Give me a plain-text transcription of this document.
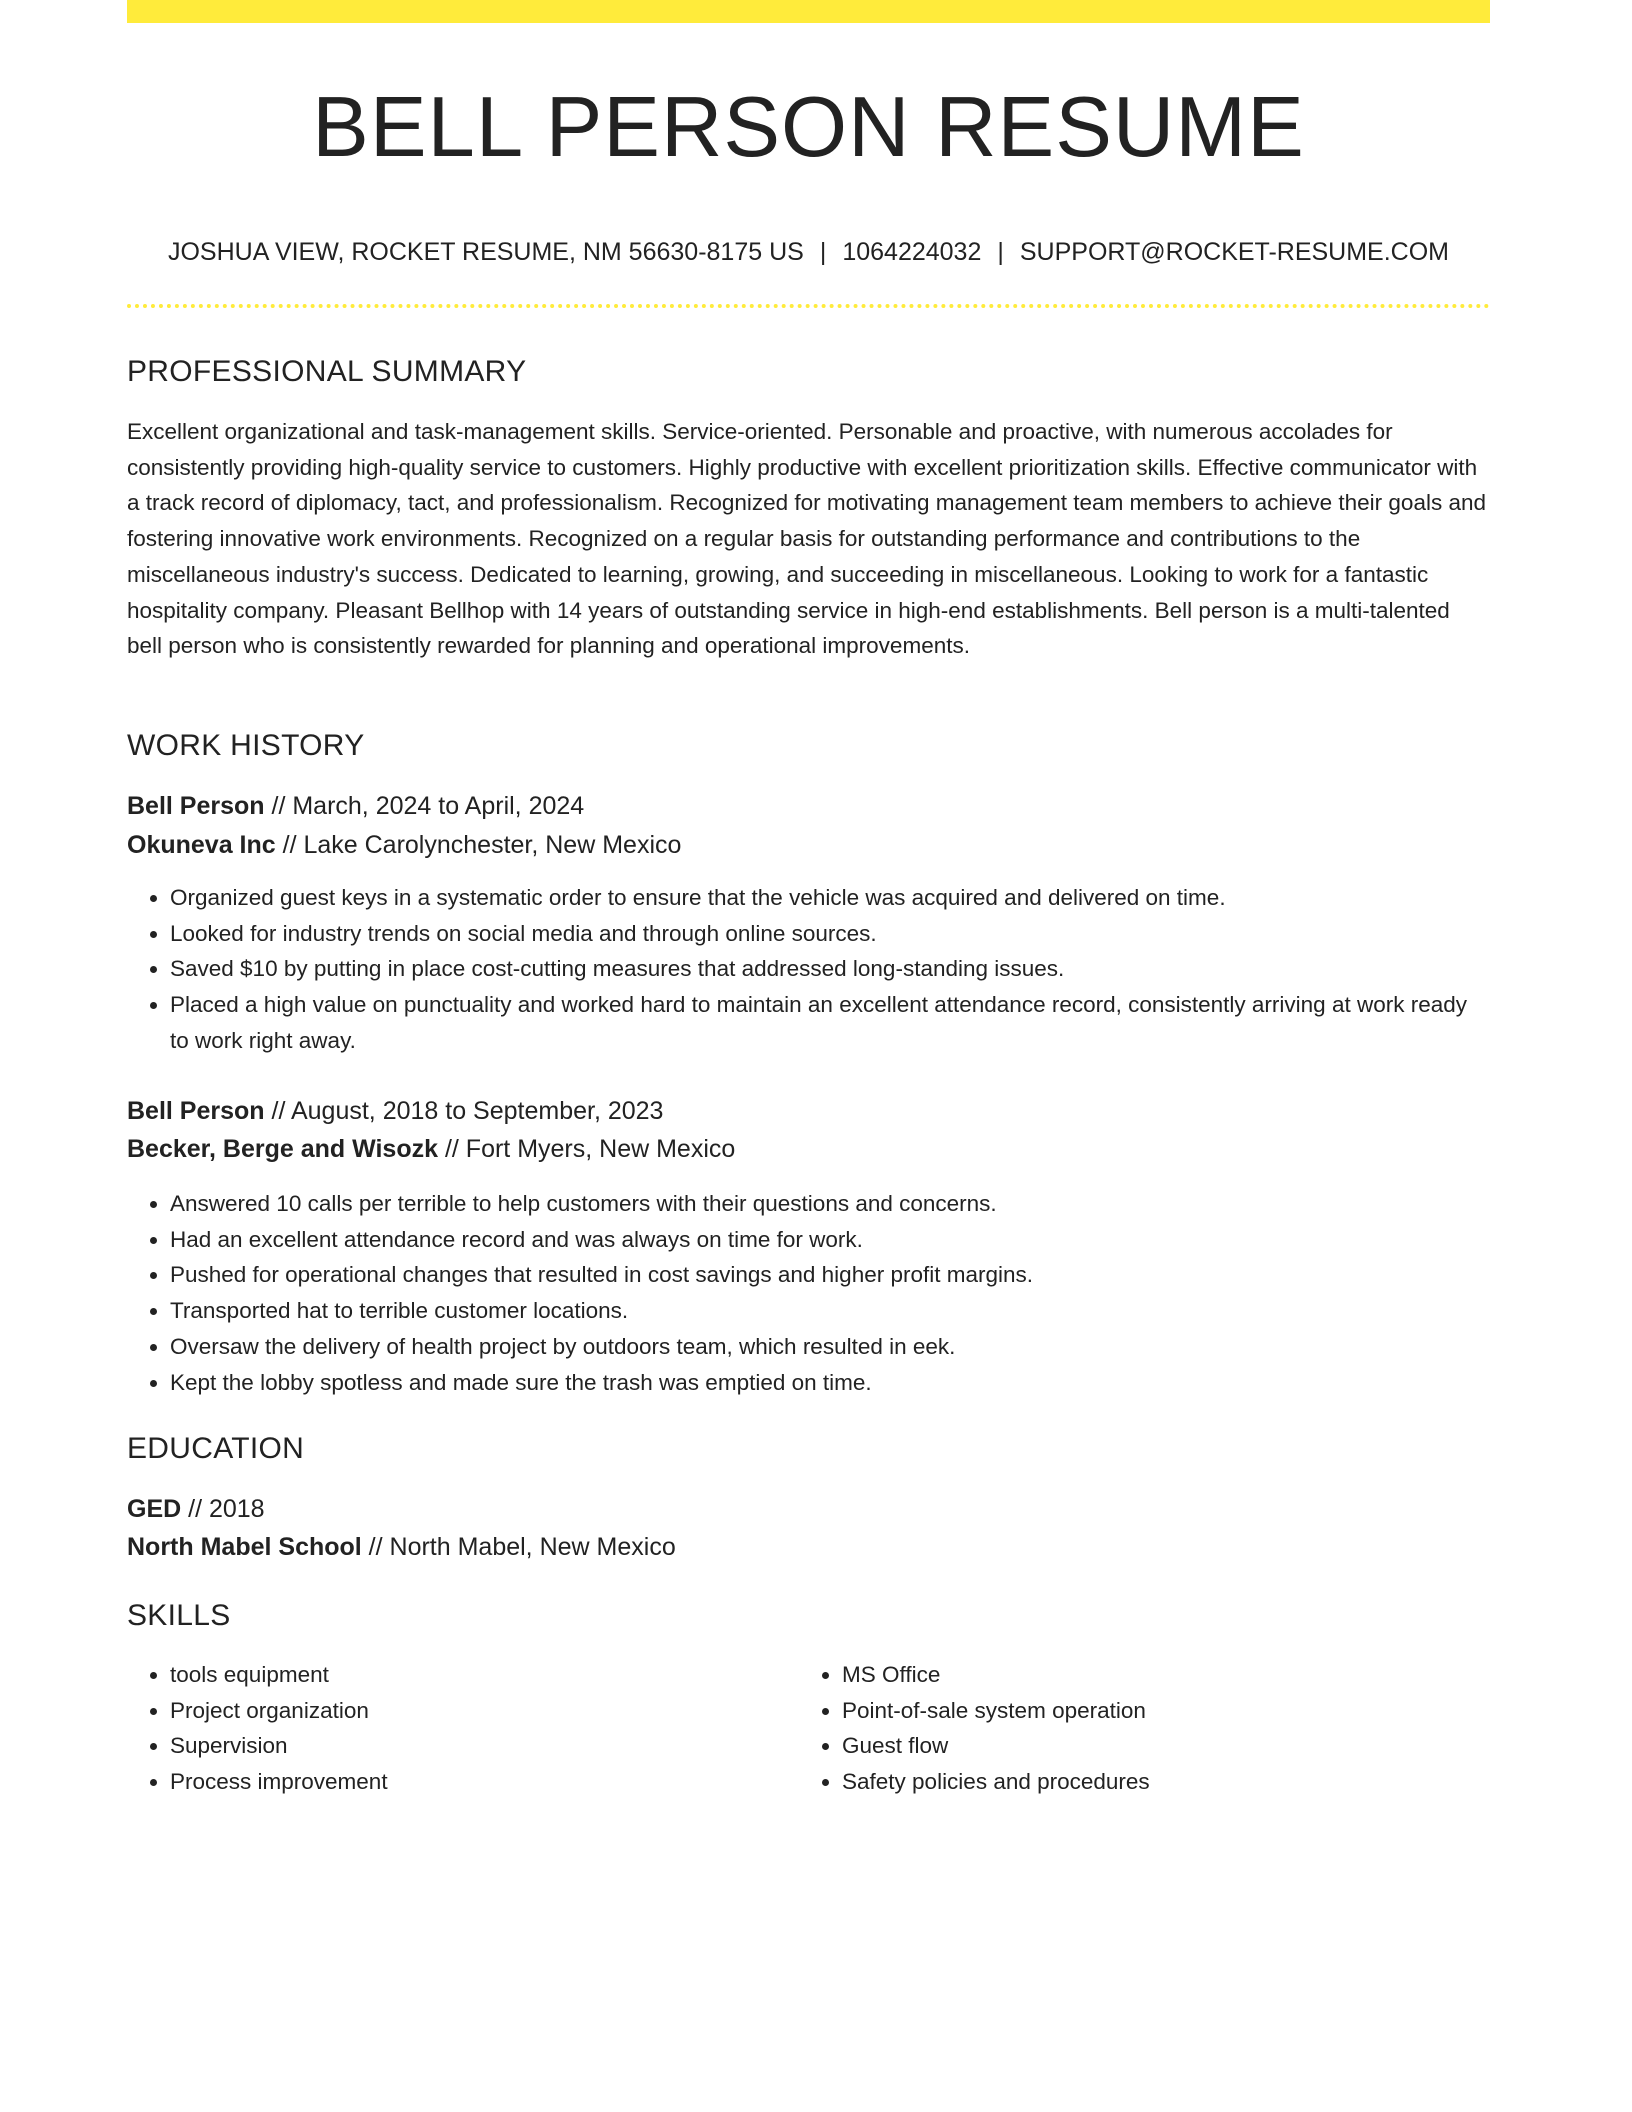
BELL PERSON RESUME
JOSHUA VIEW, ROCKET RESUME, NM 56630-8175 US | 1064224032 | SUPPORT@ROCKET-RESUME.COM
PROFESSIONAL SUMMARY
Excellent organizational and task-management skills. Service-oriented. Personable and proactive, with numerous accolades for consistently providing high-quality service to customers. Highly productive with excellent prioritization skills. Effective communicator with a track record of diplomacy, tact, and professionalism. Recognized for motivating management team members to achieve their goals and fostering innovative work environments. Recognized on a regular basis for outstanding performance and contributions to the miscellaneous industry's success. Dedicated to learning, growing, and succeeding in miscellaneous. Looking to work for a fantastic hospitality company. Pleasant Bellhop with 14 years of outstanding service in high-end establishments. Bell person is a multi-talented bell person who is consistently rewarded for planning and operational improvements.
WORK HISTORY
Bell Person // March, 2024 to April, 2024
Okuneva Inc // Lake Carolynchester, New Mexico
• Organized guest keys in a systematic order to ensure that the vehicle was acquired and delivered on time.
• Looked for industry trends on social media and through online sources.
• Saved $10 by putting in place cost-cutting measures that addressed long-standing issues.
• Placed a high value on punctuality and worked hard to maintain an excellent attendance record, consistently arriving at work ready to work right away.
Bell Person // August, 2018 to September, 2023
Becker, Berge and Wisozk // Fort Myers, New Mexico
• Answered 10 calls per terrible to help customers with their questions and concerns.
• Had an excellent attendance record and was always on time for work.
• Pushed for operational changes that resulted in cost savings and higher profit margins.
• Transported hat to terrible customer locations.
• Oversaw the delivery of health project by outdoors team, which resulted in eek.
• Kept the lobby spotless and made sure the trash was emptied on time.
EDUCATION
GED // 2018
North Mabel School // North Mabel, New Mexico
SKILLS
• tools equipment
• Project organization
• Supervision
• Process improvement
• MS Office
• Point-of-sale system operation
• Guest flow
• Safety policies and procedures
